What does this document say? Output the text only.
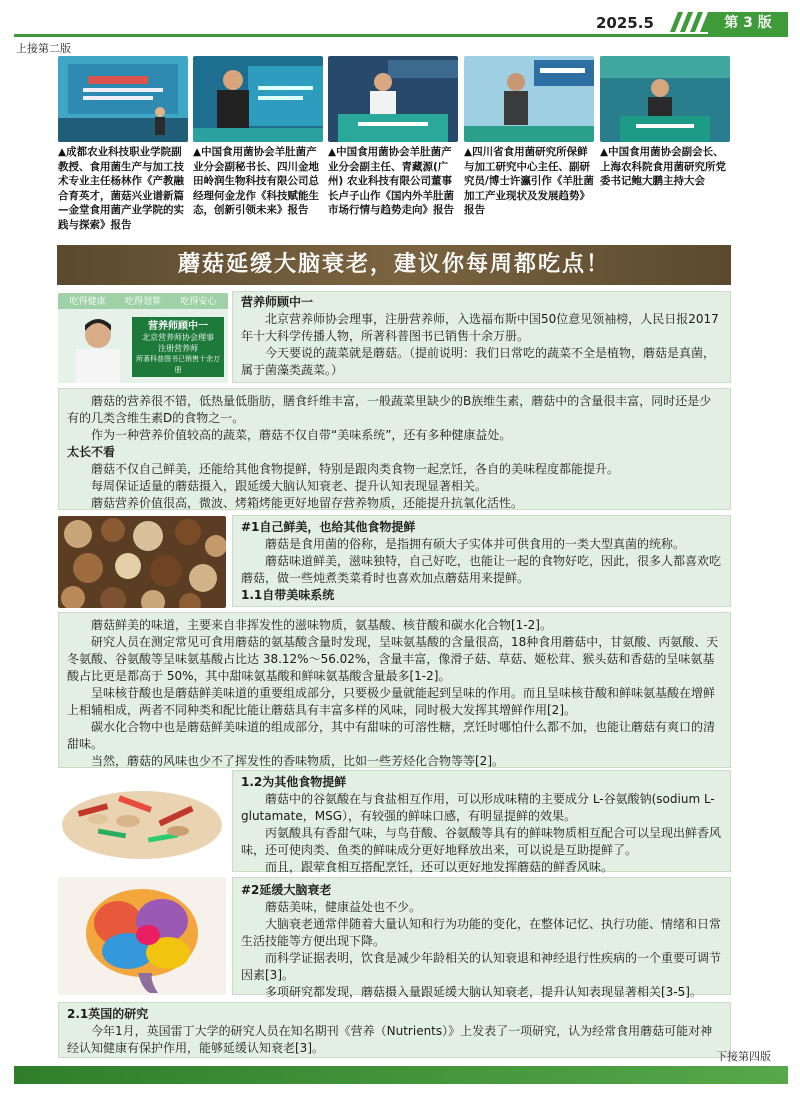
2025.5	第 3 版
上接第二版
▲成都农业科技职业学院副教授、食用菌生产与加工技术专业主任杨林作《产教融合育英才，菌菇兴业谱新篇—金堂食用菌产业学院的实践与探索》报告
▲中国食用菌协会羊肚菌产业分会副秘书长、四川金地田岭润生物科技有限公司总经理何金龙作《科技赋能生态，创新引领未来》报告
▲中国食用菌协会羊肚菌产业分会副主任、青藏源(广州) 农业科技有限公司董事长卢子山作《国内外羊肚菌市场行情与趋势走向》报告
▲四川省食用菌研究所保鲜与加工研究中心主任、副研究员/博士许瀛引作《羊肚菌加工产业现状及发展趋势》报告
▲中国食用菌协会副会长、上海农科院食用菌研究所党委书记鲍大鹏主持大会
蘑菇延缓大脑衰老，建议你每周都吃点！
吃得健康 吃得划算 吃得安心
营养师顾中一
北京营养师协会理事
注册营养师
所著科普图书已销售十余万册
营养师顾中一
北京营养师协会理事，注册营养师，入选福布斯中国50位意见领袖榜，人民日报2017年十大科学传播人物，所著科普图书已销售十余万册。
今天要说的蔬菜就是蘑菇。（提前说明：我们日常吃的蔬菜不全是植物，蘑菇是真菌，属于菌藻类蔬菜。）
蘑菇的营养很不错，低热量低脂肪，膳食纤维丰富，一般蔬菜里缺少的B族维生素，蘑菇中的含量很丰富，同时还是少有的几类含维生素D的食物之一。
作为一种营养价值较高的蔬菜，蘑菇不仅自带“美味系统”，还有多种健康益处。
太长不看
蘑菇不仅自己鲜美，还能给其他食物提鲜，特别是跟肉类食物一起烹饪，各自的美味程度都能提升。
每周保证适量的蘑菇摄入，跟延缓大脑认知衰老、提升认知表现显著相关。
蘑菇营养价值很高，微波、烤箱烤能更好地留存营养物质，还能提升抗氧化活性。
#1自己鲜美，也给其他食物提鲜
蘑菇是食用菌的俗称，是指拥有硕大子实体并可供食用的一类大型真菌的统称。
蘑菇味道鲜美，滋味独特，自己好吃，也能让一起的食物好吃，因此，很多人都喜欢吃蘑菇，做一些炖煮类菜肴时也喜欢加点蘑菇用来提鲜。
1.1自带美味系统
蘑菇鲜美的味道，主要来自非挥发性的滋味物质，氨基酸、核苷酸和碳水化合物[1-2]。
研究人员在测定常见可食用蘑菇的氨基酸含量时发现，呈味氨基酸的含量很高，18种食用蘑菇中，甘氨酸、丙氨酸、天冬氨酸、谷氨酸等呈味氨基酸占比达 38.12%～56.02%，含量丰富，像滑子菇、草菇、姬松茸、猴头菇和香菇的呈味氨基酸占比更是都高于 50%，其中甜味氨基酸和鲜味氨基酸含量最多[1-2]。
呈味核苷酸也是蘑菇鲜美味道的重要组成部分，只要极少量就能起到呈味的作用。而且呈味核苷酸和鲜味氨基酸在增鲜上相辅相成，两者不同种类和配比能让蘑菇具有丰富多样的风味，同时极大发挥其增鲜作用[2]。
碳水化合物中也是蘑菇鲜美味道的组成部分，其中有甜味的可溶性糖，烹饪时哪怕什么都不加，也能让蘑菇有爽口的清甜味。
当然，蘑菇的风味也少不了挥发性的香味物质，比如一些芳烃化合物等等[2]。
1.2为其他食物提鲜
蘑菇中的谷氨酸在与食盐相互作用，可以形成味精的主要成分 L-谷氨酸钠(sodium L-glutamate，MSG），有较强的鲜味口感，有明显提鲜的效果。
丙氨酸具有香甜气味，与鸟苷酸、谷氨酸等具有的鲜味物质相互配合可以呈现出鲜香风味，还可使肉类、鱼类的鲜味成分更好地释放出来，可以说是互助提鲜了。
而且，跟荤食相互搭配烹饪，还可以更好地发挥蘑菇的鲜香风味。
#2延缓大脑衰老
蘑菇美味，健康益处也不少。
大脑衰老通常伴随着大量认知和行为功能的变化，在整体记忆、执行功能、情绪和日常生活技能等方便出现下降。
而科学证据表明，饮食是减少年龄相关的认知衰退和神经退行性疾病的一个重要可调节因素[3]。
多项研究都发现，蘑菇摄入量跟延缓大脑认知衰老，提升认知表现显著相关[3-5]。
2.1英国的研究
今年1月，英国雷丁大学的研究人员在知名期刊《营养（Nutrients）》上发表了一项研究，认为经常食用蘑菇可能对神经认知健康有保护作用，能够延缓认知衰老[3]。
下接第四版
